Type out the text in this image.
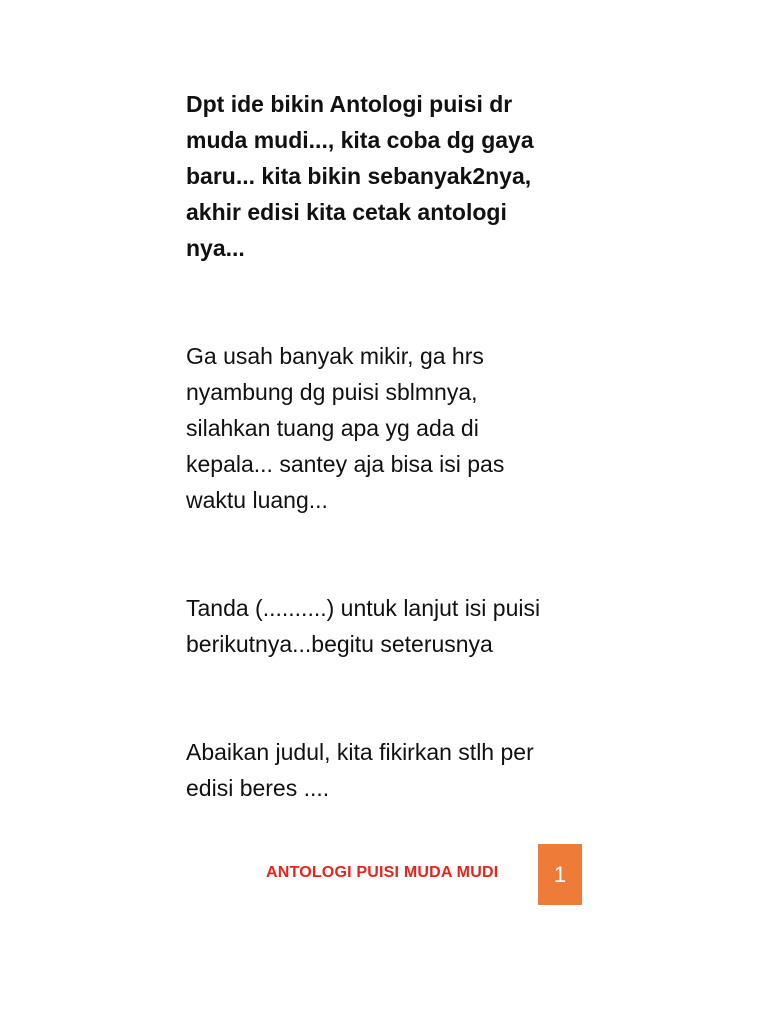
Dpt ide bikin Antologi puisi dr muda mudi..., kita coba dg gaya baru... kita bikin sebanyak2nya, akhir edisi kita cetak antologi nya...

Ga usah banyak mikir, ga hrs nyambung dg puisi sblmnya, silahkan tuang apa yg ada di kepala... santey aja bisa isi pas waktu luang...

Tanda (..........) untuk lanjut isi puisi berikutnya...begitu seterusnya

Abaikan judul, kita fikirkan stlh per edisi beres ....

ANTOLOGI PUISI MUDA MUDI	1
